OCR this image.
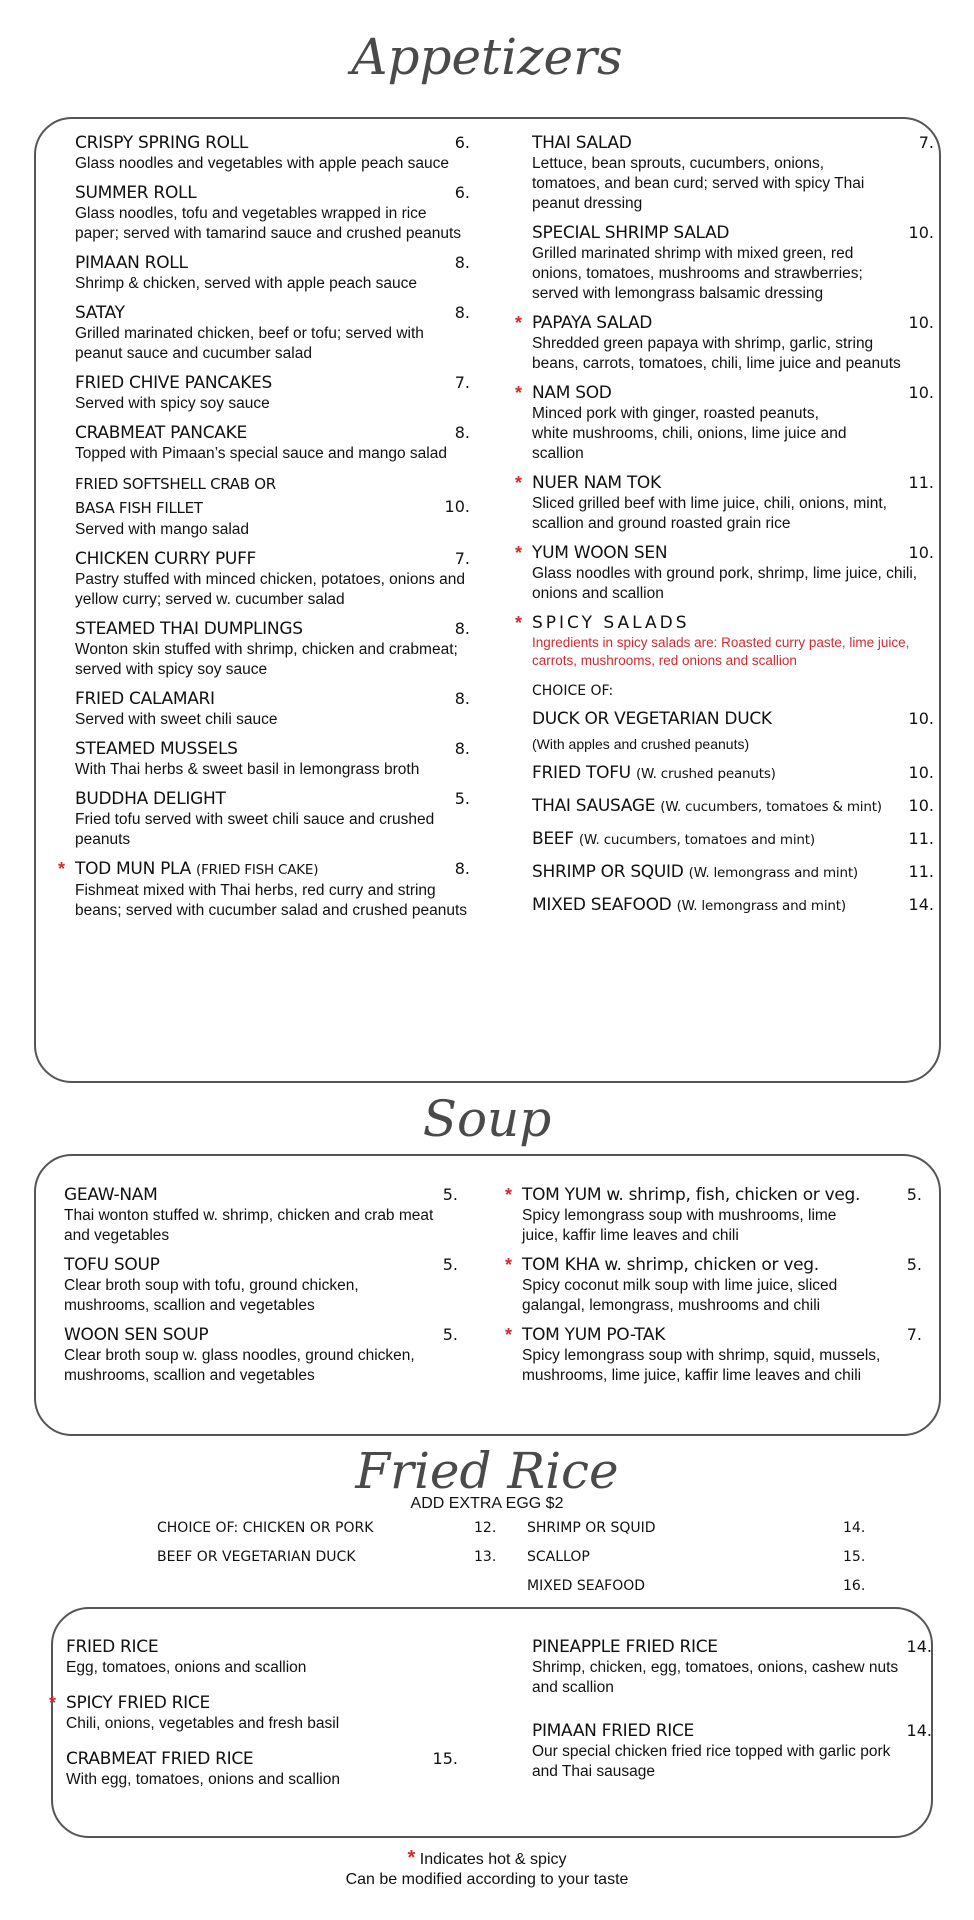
Appetizers
CRISPY SPRING ROLL	6.
Glass noodles and vegetables with apple peach sauce
SUMMER ROLL	6.
Glass noodles, tofu and vegetables wrapped in rice paper; served with tamarind sauce and crushed peanuts
PIMAAN ROLL	8.
Shrimp & chicken, served with apple peach sauce
SATAY	8.
Grilled marinated chicken, beef or tofu; served with peanut sauce and cucumber salad
FRIED CHIVE PANCAKES	7.
Served with spicy soy sauce
CRABMEAT PANCAKE	8.
Topped with Pimaan’s special sauce and mango salad
FRIED SOFTSHELL CRAB OR
BASA FISH FILLET	10.
Served with mango salad
CHICKEN CURRY PUFF	7.
Pastry stuffed with minced chicken, potatoes, onions and yellow curry; served w. cucumber salad
STEAMED THAI DUMPLINGS	8.
Wonton skin stuffed with shrimp, chicken and crabmeat; served with spicy soy sauce
FRIED CALAMARI	8.
Served with sweet chili sauce
STEAMED MUSSELS	8.
With Thai herbs & sweet basil in lemongrass broth
BUDDHA DELIGHT	5.
Fried tofu served with sweet chili sauce and crushed peanuts
* TOD MUN PLA (FRIED FISH CAKE)	8.
Fishmeat mixed with Thai herbs, red curry and string beans; served with cucumber salad and crushed peanuts
THAI SALAD	7.
Lettuce, bean sprouts, cucumbers, onions, tomatoes, and bean curd; served with spicy Thai peanut dressing
SPECIAL SHRIMP SALAD	10.
Grilled marinated shrimp with mixed green, red onions, tomatoes, mushrooms and strawberries; served with lemongrass balsamic dressing
* PAPAYA SALAD	10.
Shredded green papaya with shrimp, garlic, string beans, carrots, tomatoes, chili, lime juice and peanuts
* NAM SOD	10.
Minced pork with ginger, roasted peanuts, white mushrooms, chili, onions, lime juice and scallion
* NUER NAM TOK	11.
Sliced grilled beef with lime juice, chili, onions, mint, scallion and ground roasted grain rice
* YUM WOON SEN	10.
Glass noodles with ground pork, shrimp, lime juice, chili, onions and scallion
* SPICY SALADS
Ingredients in spicy salads are: Roasted curry paste, lime juice, carrots, mushrooms, red onions and scallion
CHOICE OF:
DUCK OR VEGETARIAN DUCK	10.
(With apples and crushed peanuts)
FRIED TOFU (W. crushed peanuts)	10.
THAI SAUSAGE (W. cucumbers, tomatoes & mint)	10.
BEEF (W. cucumbers, tomatoes and mint)	11.
SHRIMP OR SQUID (W. lemongrass and mint)	11.
MIXED SEAFOOD (W. lemongrass and mint)	14.
Soup
GEAW-NAM	5.
Thai wonton stuffed w. shrimp, chicken and crab meat and vegetables
TOFU SOUP	5.
Clear broth soup with tofu, ground chicken, mushrooms, scallion and vegetables
WOON SEN SOUP	5.
Clear broth soup w. glass noodles, ground chicken, mushrooms, scallion and vegetables
* TOM YUM w. shrimp, fish, chicken or veg.	5.
Spicy lemongrass soup with mushrooms, lime juice, kaffir lime leaves and chili
* TOM KHA w. shrimp, chicken or veg.	5.
Spicy coconut milk soup with lime juice, sliced galangal, lemongrass, mushrooms and chili
* TOM YUM PO-TAK	7.
Spicy lemongrass soup with shrimp, squid, mussels, mushrooms, lime juice, kaffir lime leaves and chili
Fried Rice
ADD EXTRA EGG $2
CHOICE OF: CHICKEN OR PORK	12.
BEEF OR VEGETARIAN DUCK	13.
SHRIMP OR SQUID	14.
SCALLOP	15.
MIXED SEAFOOD	16.
FRIED RICE
Egg, tomatoes, onions and scallion
* SPICY FRIED RICE
Chili, onions, vegetables and fresh basil
CRABMEAT FRIED RICE	15.
With egg, tomatoes, onions and scallion
PINEAPPLE FRIED RICE	14.
Shrimp, chicken, egg, tomatoes, onions, cashew nuts and scallion
PIMAAN FRIED RICE	14.
Our special chicken fried rice topped with garlic pork and Thai sausage
* Indicates hot & spicy
Can be modified according to your taste
